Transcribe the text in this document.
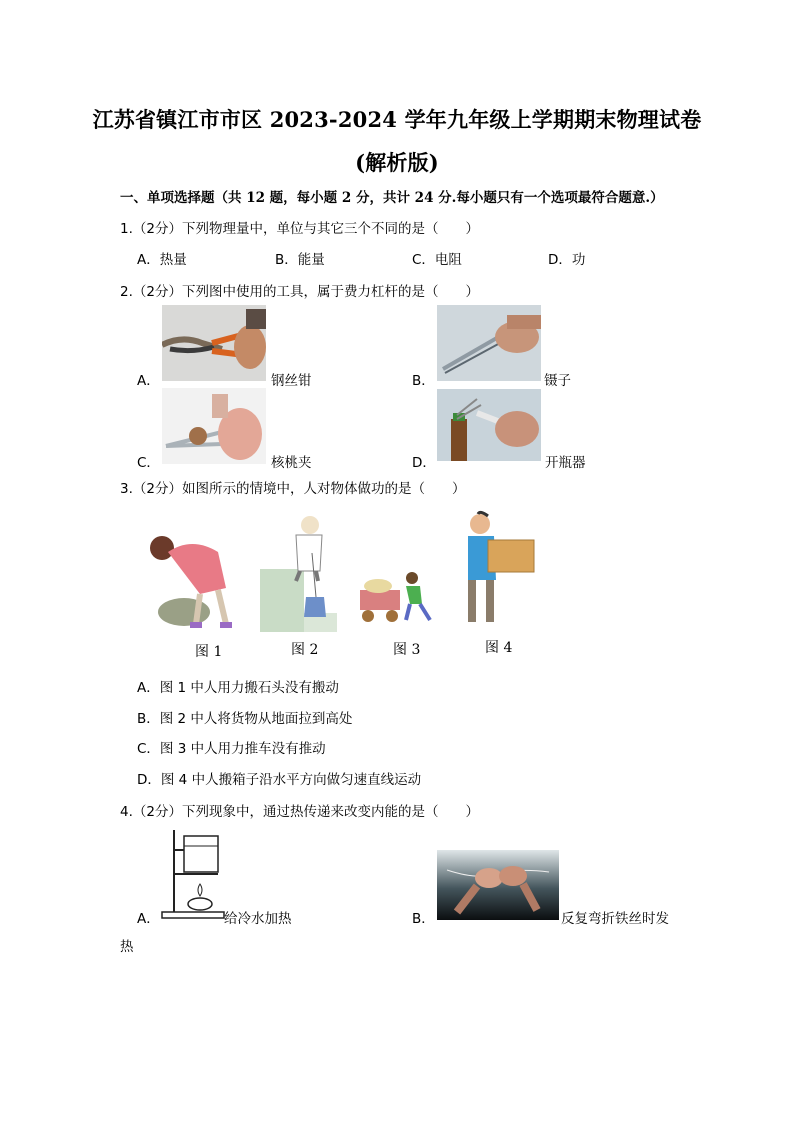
江苏省镇江市市区 2023-2024 学年九年级上学期期末物理试卷
(解析版)
一、单项选择题（共 12 题，每小题 2 分，共计 24 分.每小题只有一个选项最符合题意.）
1.（2分）下列物理量中，单位与其它三个不同的是（　　）
A．热量	B．能量	C．电阻	D．功
2.（2分）下列图中使用的工具，属于费力杠杆的是（　　）
A．	钢丝钳	B．	镊子
C．	核桃夹	D．	开瓶器
3.（2分）如图所示的情境中，人对物体做功的是（　　）
图 1	图 2	图 3	图 4
A．图 1 中人用力搬石头没有搬动
B．图 2 中人将货物从地面拉到高处
C．图 3 中人用力推车没有推动
D．图 4 中人搬箱子沿水平方向做匀速直线运动
4.（2分）下列现象中，通过热传递来改变内能的是（　　）
A．	给冷水加热	B．	反复弯折铁丝时发
热
